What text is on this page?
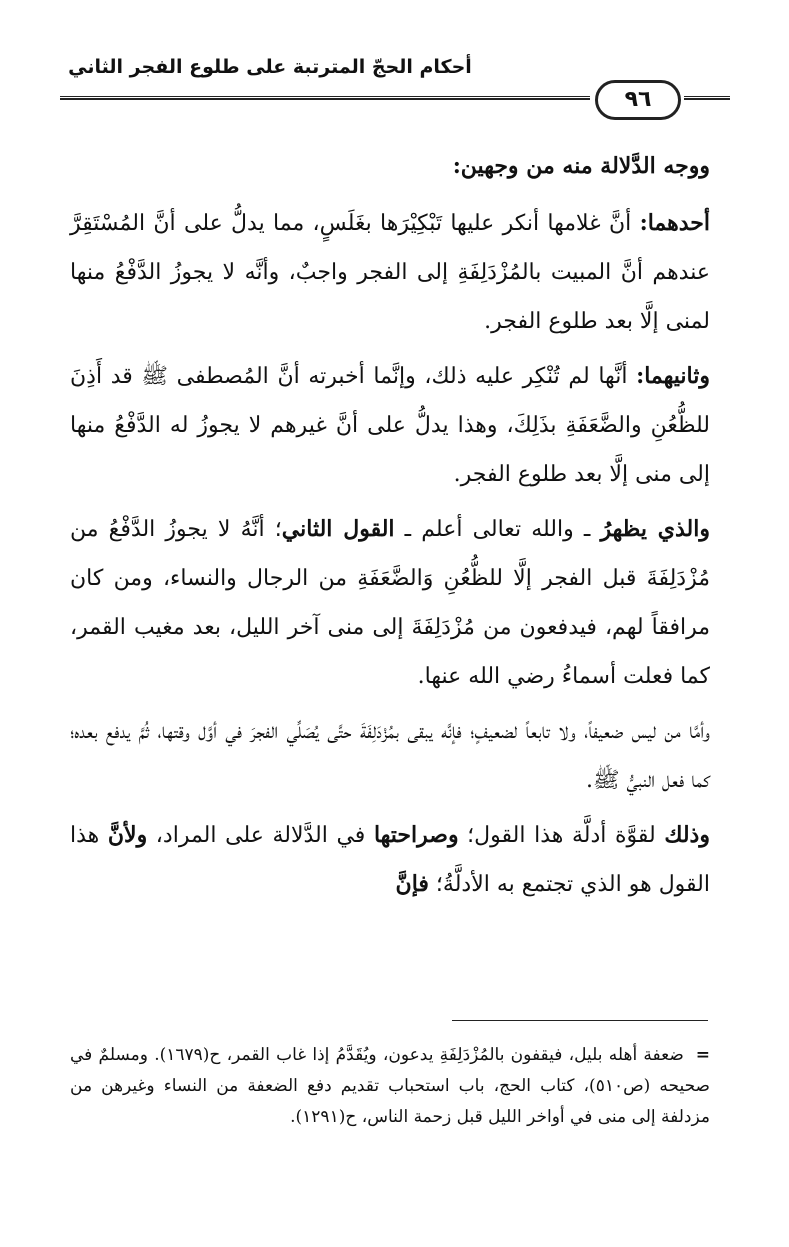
أحكام الحجّ المترتبة على طلوع الفجر الثاني
٩٦

ووجه الدَّلالة منه من وجهين:

أحدهما: أنَّ غلامها أنكر عليها تَبْكِيْرَها بغَلَسٍ، مما يدلُّ على أنَّ المُسْتَقِرَّ عندهم أنَّ المبيت بالمُزْدَلِفَةِ إلى الفجر واجبٌ، وأنَّه لا يجوزُ الدَّفْعُ منها لمنى إلَّا بعد طلوع الفجر.

وثانيهما: أنَّها لم تُنْكِر عليه ذلك، وإنَّما أخبرته أنَّ المُصطفى ﷺ قد أَذِنَ للظُّعُنِ والضَّعَفَةِ بذَلِكَ، وهذا يدلُّ على أنَّ غيرهم لا يجوزُ له الدَّفْعُ منها إلى منى إلَّا بعد طلوع الفجر.

والذي يظهرُ ـ والله تعالى أعلم ـ القول الثاني؛ أنَّهُ لا يجوزُ الدَّفْعُ من مُزْدَلِفَةَ قبل الفجر إلَّا للظُّعُنِ وَالضَّعَفَةِ من الرجال والنساء، ومن كان مرافقاً لهم، فيدفعون من مُزْدَلِفَةَ إلى منى آخر الليل، بعد مغيب القمر، كما فعلت أسماءُ رضي الله عنها.

وأمَّا من ليس ضعيفاً، ولا تابعاً لضعيفٍ؛ فإنَّه يبقى بمُزْدَلِفَةَ حتَّى يُصَلِّي الفجرَ في أوَّل وقتها، ثُمَّ يدفع بعده؛ كما فعل النبيُّ ﷺ.

وذلك لقوَّة أدلَّة هذا القول؛ وصراحتها في الدَّلالة على المراد، ولأنَّ هذا القول هو الذي تجتمع به الأدلَّةُ؛ فإنَّ

=ضعفة أهله بليل، فيقفون بالمُزْدَلِفَةِ يدعون، ويُقَدَّمُ إذا غاب القمر، ح(١٦٧٩). ومسلمٌ في صحيحه (ص٥١٠)، كتاب الحج، باب استحباب تقديم دفع الضعفة من النساء وغيرهن من مزدلفة إلى منى في أواخر الليل قبل زحمة الناس، ح(١٢٩١).
